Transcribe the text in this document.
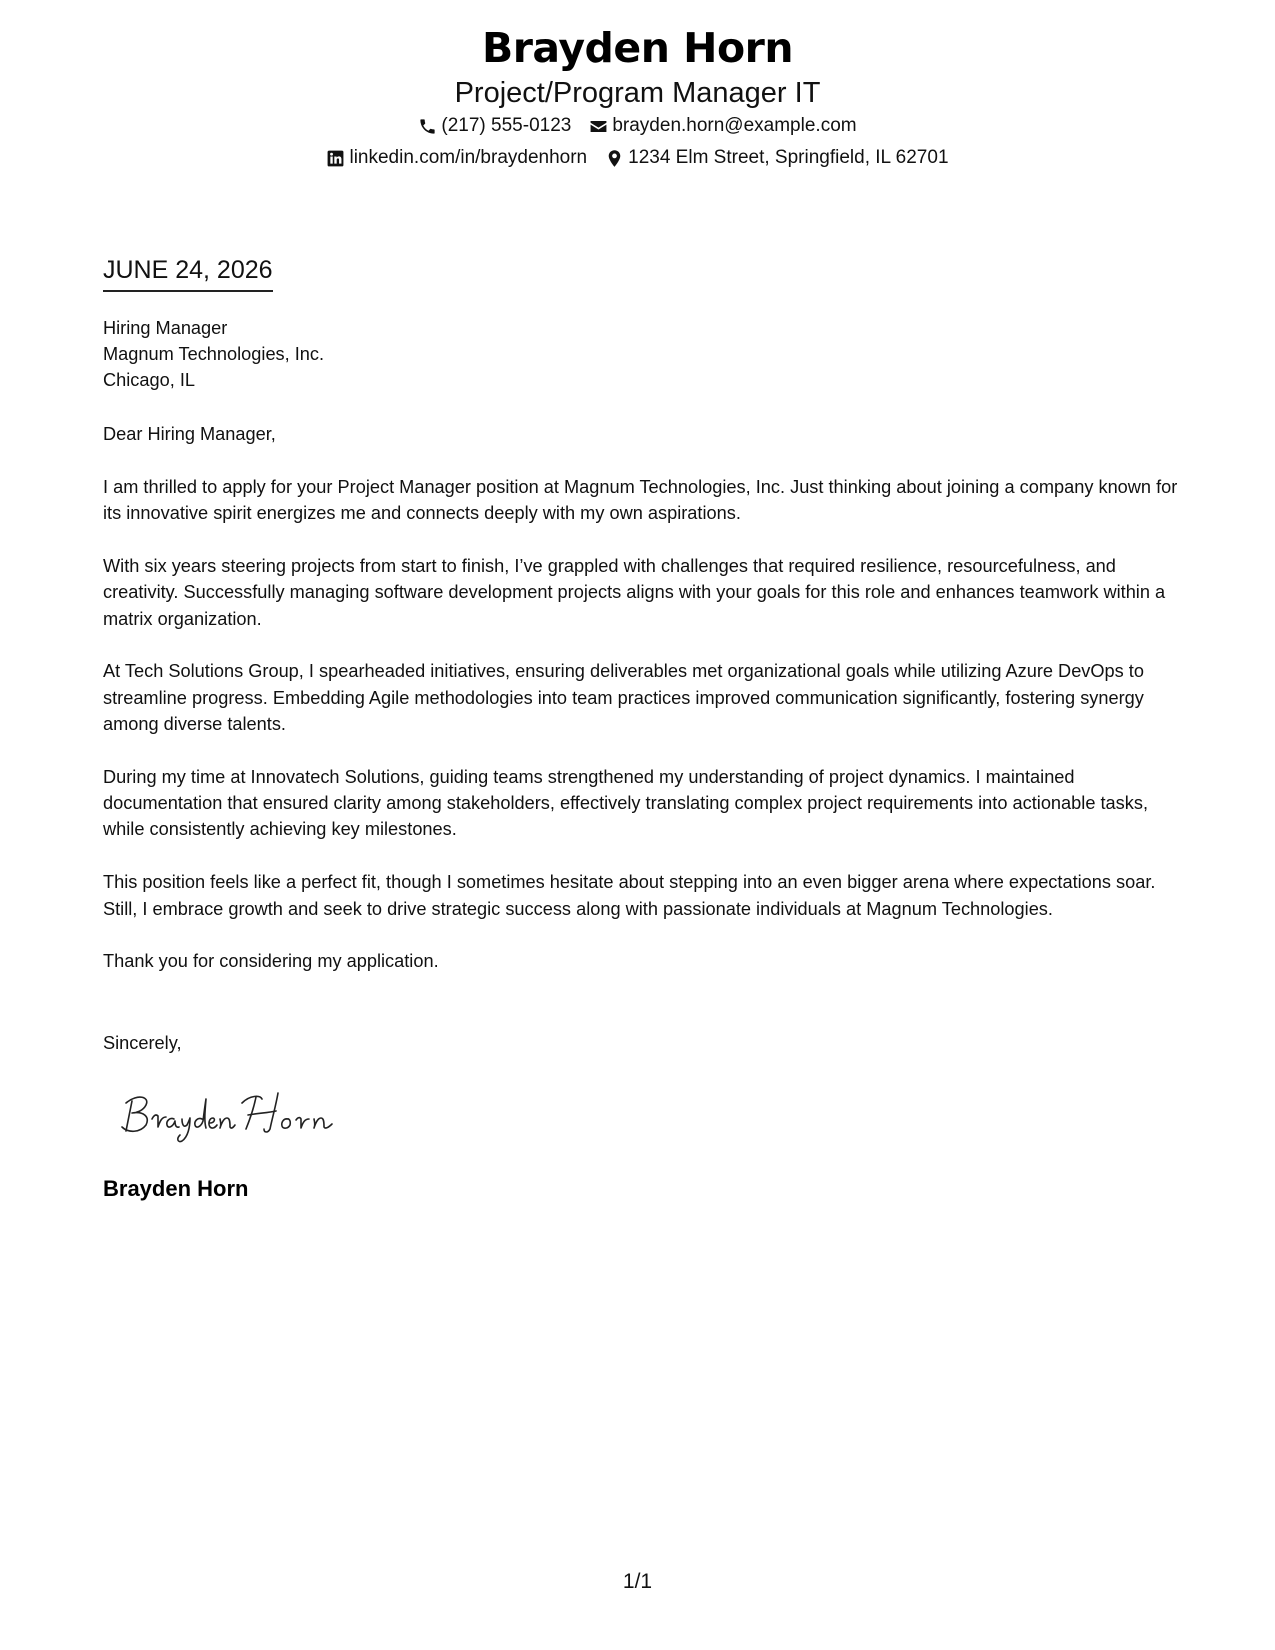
Brayden Horn
Project/Program Manager IT
(217) 555-0123 brayden.horn@example.com
linkedin.com/in/braydenhorn 1234 Elm Street, Springfield, IL 62701
JUNE 24, 2026
Hiring Manager
Magnum Technologies, Inc.
Chicago, IL
Dear Hiring Manager,

I am thrilled to apply for your Project Manager position at Magnum Technologies, Inc. Just thinking about joining a company known for its innovative spirit energizes me and connects deeply with my own aspirations.

With six years steering projects from start to finish, I’ve grappled with challenges that required resilience, resourcefulness, and creativity. Successfully managing software development projects aligns with your goals for this role and enhances teamwork within a matrix organization.

At Tech Solutions Group, I spearheaded initiatives, ensuring deliverables met organizational goals while utilizing Azure DevOps to streamline progress. Embedding Agile methodologies into team practices improved communication significantly, fostering synergy among diverse talents.

During my time at Innovatech Solutions, guiding teams strengthened my understanding of project dynamics. I maintained documentation that ensured clarity among stakeholders, effectively translating complex project requirements into actionable tasks, while consistently achieving key milestones.

This position feels like a perfect fit, though I sometimes hesitate about stepping into an even bigger arena where expectations soar. Still, I embrace growth and seek to drive strategic success along with passionate individuals at Magnum Technologies.

Thank you for considering my application.

Sincerely,
Brayden Horn
1/1
